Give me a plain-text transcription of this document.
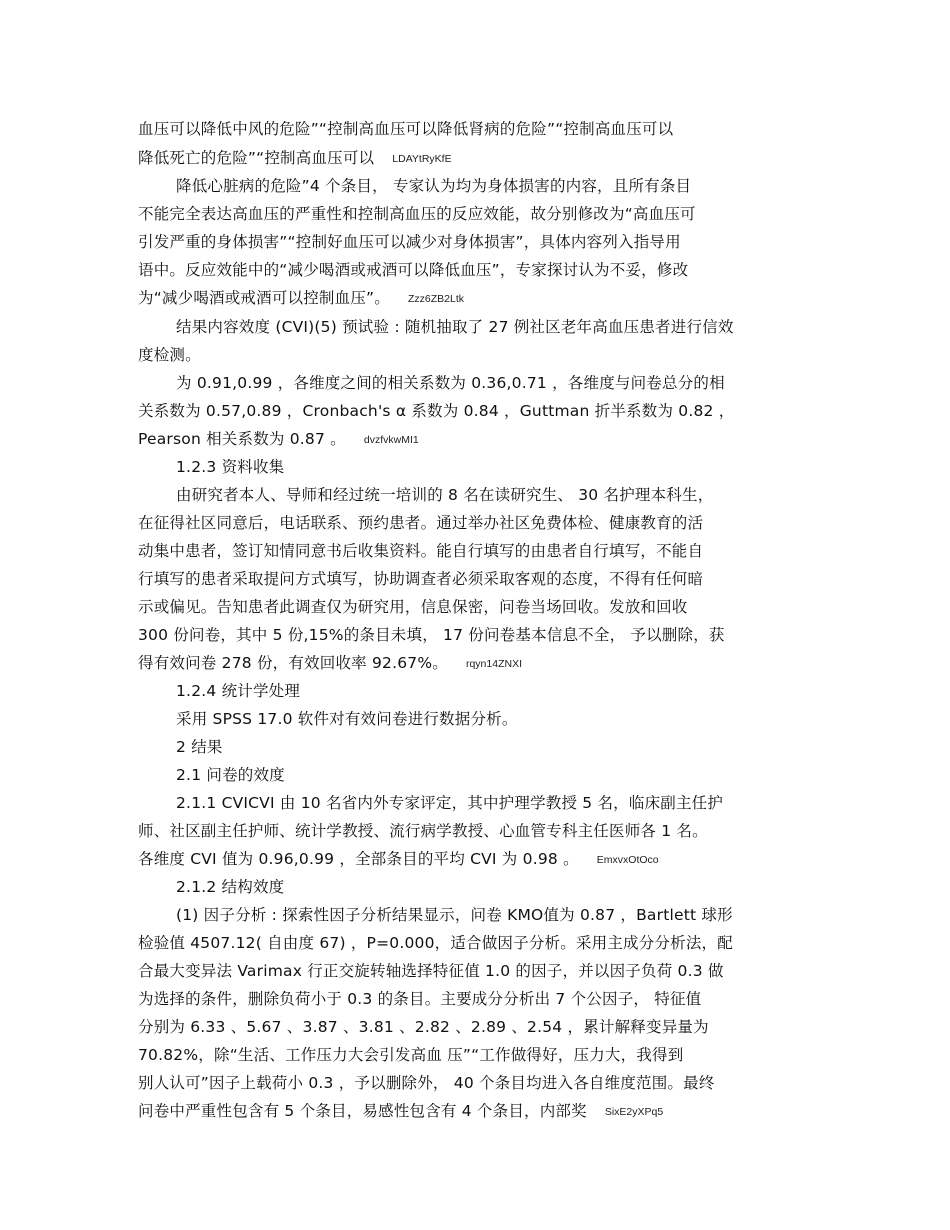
血压可以降低中风的危险”“控制高血压可以降低肾病的危险”“控制高血压可以
降低死亡的危险”“控制高血压可以 LDAYtRyKfE
降低心脏病的危险”4 个条目， 专家认为均为身体损害的内容，且所有条目
不能完全表达高血压的严重性和控制高血压的反应效能，故分别修改为“高血压可
引发严重的身体损害”“控制好血压可以减少对身体损害”，具体内容列入指导用
语中。反应效能中的“减少喝酒或戒酒可以降低血压”，专家探讨认为不妥，修改
为“减少喝酒或戒酒可以控制血压”。 Zzz6ZB2Ltk
结果内容效度 (CVI)(5) 预试验 : 随机抽取了 27 例社区老年高血压患者进行信效
度检测。
为 0.91,0.99 ，各维度之间的相关系数为 0.36,0.71 ，各维度与问卷总分的相
关系数为 0.57,0.89 ，Cronbach's α 系数为 0.84 ，Guttman 折半系数为 0.82 ，
Pearson 相关系数为 0.87 。 dvzfvkwMI1
1.2.3 资料收集
由研究者本人、导师和经过统一培训的 8 名在读研究生、 30 名护理本科生，
在征得社区同意后，电话联系、预约患者。通过举办社区免费体检、健康教育的活
动集中患者，签订知情同意书后收集资料。能自行填写的由患者自行填写，不能自
行填写的患者采取提问方式填写，协助调查者必须采取客观的态度，不得有任何暗
示或偏见。告知患者此调查仅为研究用，信息保密，问卷当场回收。发放和回收
300 份问卷，其中 5 份,15%的条目未填， 17 份问卷基本信息不全， 予以删除，获
得有效问卷 278 份，有效回收率 92.67%。 rqyn14ZNXI
1.2.4 统计学处理
采用 SPSS 17.0 软件对有效问卷进行数据分析。
2 结果
2.1 问卷的效度
2.1.1 CVICVI 由 10 名省内外专家评定，其中护理学教授 5 名，临床副主任护
师、社区副主任护师、统计学教授、流行病学教授、心血管专科主任医师各 1 名。
各维度 CVI 值为 0.96,0.99 ，全部条目的平均 CVI 为 0.98 。 EmxvxOtOco
2.1.2 结构效度
(1) 因子分析 : 探索性因子分析结果显示，问卷 KMO值为 0.87 ，Bartlett 球形
检验值 4507.12( 自由度 67) ，P=0.000，适合做因子分析。采用主成分分析法，配
合最大变异法 Varimax 行正交旋转轴选择特征值 1.0 的因子，并以因子负荷 0.3 做
为选择的条件，删除负荷小于 0.3 的条目。主要成分分析出 7 个公因子， 特征值
分别为 6.33 、5.67 、3.87 、3.81 、2.82 、2.89 、2.54 ，累计解释变异量为
70.82%，除“生活、工作压力大会引发高血 压”“工作做得好，压力大，我得到
别人认可”因子上载荷小 0.3 ，予以删除外， 40 个条目均进入各自维度范围。最终
问卷中严重性包含有 5 个条目，易感性包含有 4 个条目，内部奖 SixE2yXPq5
